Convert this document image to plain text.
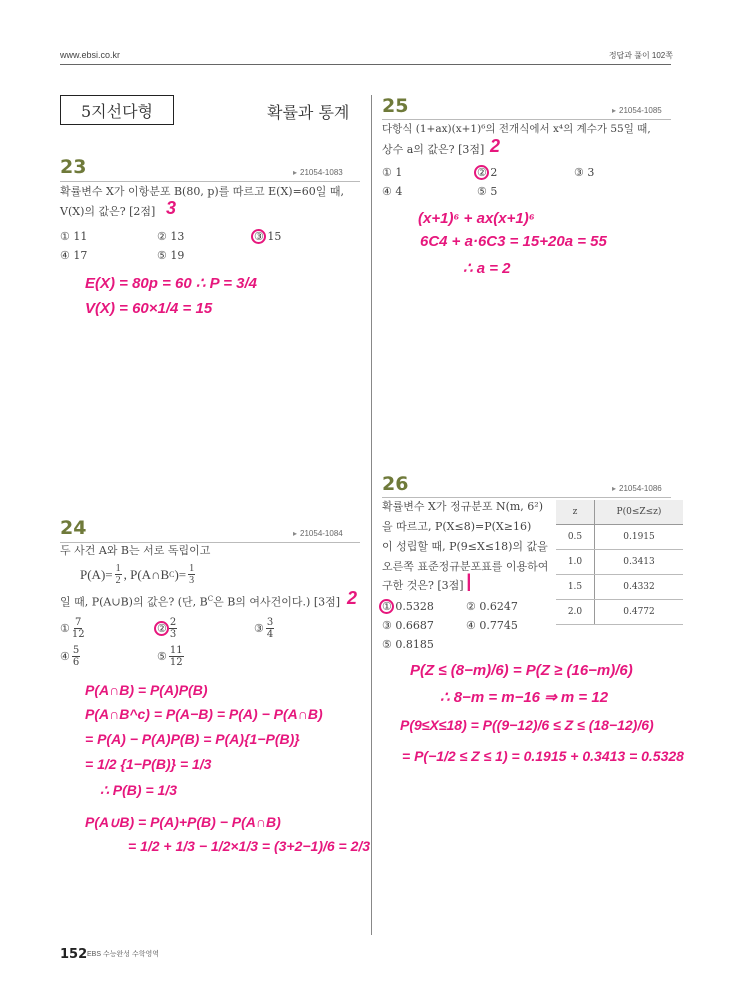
www.ebsi.co.kr	정답과 풀이 102쪽
5지선다형	확률과 통계
23	▸ 21054-1083
확률변수 X가 이항분포 B(80, p)를 따르고 E(X)=60일 때,
V(X)의 값은? [2점] 3
① 11	② 13	③ 15
④ 17	⑤ 19
E(X) = 80p = 60 ∴ P = 3/4
V(X) = 60×1/4 = 15
24	▸ 21054-1084
두 사건 A와 B는 서로 독립이고
$P(A)= \frac{1}{2}$ , P(A∩B C )= $\frac{1}{3}$
일 때, P(A∪B)의 값은? (단, $B^C$은 B의 여사건이다.) [3점] 2
① $\frac{7}{12}$	② $\frac{2}{3}$	③ $\frac{3}{4}$
④ $\frac{5}{6}$	⑤ $\frac{11}{12}$
P(A∩B) = P(A)P(B)
P(A∩B^c) = P(A−B) = P(A) − P(A∩B)
= P(A) − P(A)P(B) = P(A){1−P(B)}
= 1/2 {1−P(B)} = 1/3
∴ P(B) = 1/3
P(A∪B) = P(A)+P(B) − P(A∩B)
= 1/2 + 1/3 − 1/2×1/3 = (3+2−1)/6 = 2/3
25	▸ 21054-1085
다항식 (1+ax)(x+1)⁶의 전개식에서 x⁴의 계수가 55일 때,
상수 a의 값은? [3점] 2
① 1	② 2	③ 3
④ 4	⑤ 5
(x+1)⁶ + ax(x+1)⁶
6C4 + a·6C3 = 15+20a = 55
∴ a = 2
26	▸ 21054-1086
확률변수 X가 정규분포 N(m, 6²)
을 따르고, P(X≤8)=P(X≥16)
이 성립할 때, P(9≤X≤18)의 값을
오른쪽 표준정규분포표를 이용하여
구한 것은? [3점] |
z	P(0≤Z≤z)
0.5	0.1915
1.0	0.3413
1.5	0.4332
2.0	0.4772
① 0.5328	② 0.6247
③ 0.6687	④ 0.7745
⑤ 0.8185
P(Z ≤ (8−m)/6) = P(Z ≥ (16−m)/6)
∴ 8−m = m−16 ⇒ m = 12
P(9≤X≤18) = P((9−12)/6 ≤ Z ≤ (18−12)/6)
= P(−1/2 ≤ Z ≤ 1) = 0.1915 + 0.3413 = 0.5328
152 EBS 수능완성 수학영역
